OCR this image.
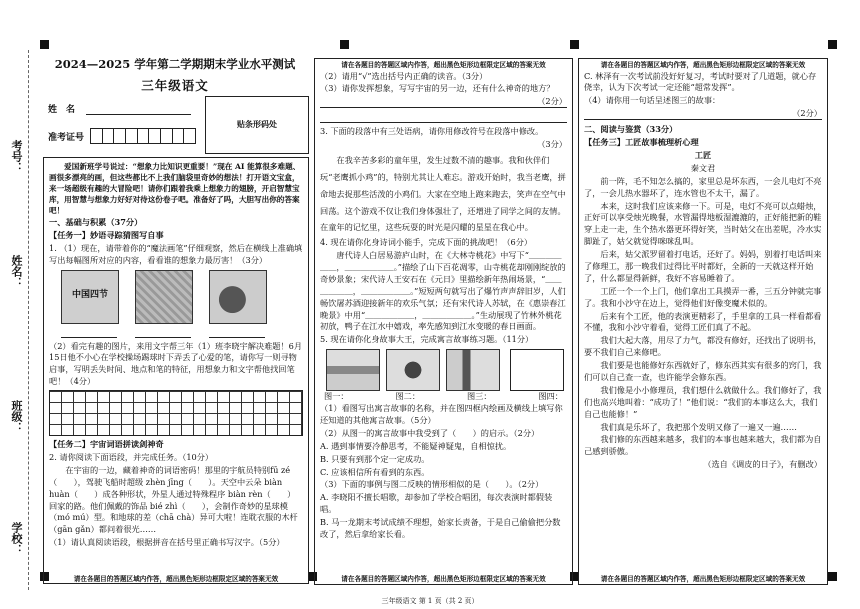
考号：
姓名：
班级：
学校：
2024—2025 学年第二学期期末学业水平测试
三年级语文
姓　名
准考证号
贴条形码处

　　爱国新班学号说过：“想象力比知识更重要！”现在 AI 能算很多难题、画很多漂亮的画，但这些都比不上我们脑袋里奇妙的想法！打开语文宝盒，来一场超级有趣的大冒险吧！请你们跟着我乘上想象力的翅膀，开启智慧宝库，用智慧与想象力好好对待这份卷子吧。准备好了吗，大胆写出你的答案吧！

一、基础与积累（37分）

【任务一】妙语寻踪猜图写自事

1. （1）现在，请带着你的“魔法画笔”仔细观察，然后在横线上准确填写出每幅图所对应的内容，看看谁的想象力最厉害！（3分）

中国四节

（2）看完有趣的图片，来用文字帮三年（1）班李晓宇解决难题！6月15日他不小心在学校操场踢球时下弄丢了心爱的笔，请你写一则寻物启事，写明丢失时间、地点和笔的特征，用想象力和文字帮他找回笔吧！（4分）

【任务二】宇宙词语拼读剑神奇

2. 请你阅读下面语段，并完成任务。（10分）

　　在宇宙的一边，藏着神奇的词语密码！那里的宇航员特别fū zé（　　），驾驶飞船时超级 zhèn jīng（　　）。天空中云朵 biàn huàn（　　）成各种形状，外星人通过特殊程序 biàn rèn（　　）回家的路。他们佩戴的饰品 bié zhì（　　），会制作奇妙的星球模（mó mú）型。和地球的差（chā chà）异可大啦！连耽衣服的木杆（gān gǎn）都问着很光……

（1）请认真阅读语段，根据拼音在括号里正确书写汉字。（5分）

请在各题目的答题区域内作答，超出黑色矩形边框限定区域的答案无效
请在各题目的答题区域内作答，超出黑色矩形边框限定区域的答案无效

（2）请用“√”选出括号内正确的读音。（3分）

（3）请你发挥想象，写写宇宙的另一边，还有什么神奇的地方？

（2分）

3. 下面的段落中有三处语病，请你用修改符号在段落中修改。

（3分）

　　在我辛苦多彩的童年里，发生过数不清的趣事。我和伙伴们玩“老鹰抓小鸡”的，特别尤其让人难忘。游戏开始时，我当老鹰，拼命地去捉那些活泼的小鸡们。大家在空地上跑来跑去，笑声在空气中回荡。这个游戏不仅让我们身体强壮了，还增进了同学之间的友情。在童年的记忆里，这些玩耍的时光是闪耀的星星在我心中。

4. 现在请你化身诗词小能手，完成下面的挑战吧！（6分）

　　唐代诗人白居易游庐山时，在《大林寺桃花》中写下“＿＿＿＿＿＿，＿＿＿＿＿＿。”描绘了山下百花凋零，山寺桃花却刚刚绽放的奇妙景象；宋代诗人王安石在《元日》里描绘新年热闹场景，“＿＿＿＿＿＿，＿＿＿＿＿＿。”短短两句就写出了爆竹声声辞旧岁，人们畅饮屠苏酒迎接新年的欢乐气氛；还有宋代诗人苏轼，在《惠崇春江晚景》中用“＿＿＿＿＿＿，＿＿＿＿＿＿。”生动展现了竹林外桃花初放，鸭子在江水中嬉戏，率先感知到江水变暖的春日画面。

5. 现在请你化身故事大王，完成寓言故事练习题。（11分）

图一：	图二：	图三：	图四：

（1）看图写出寓言故事的名称，并在图四框内绘画及横线上填写你还知道的其他寓言故事。（5分）

（2）从图一的寓言故事中我受到了（　　）的启示。（2分）

A. 遇到事情要冷静思考，不能疑神疑鬼，自相惊扰。

B. 只要有到那个定一定成功。

C. 应该相信所有看到的东西。

（3）下面的事例与图二反映的情形相似的是（　　）。（2分）

A. 李晓阳不擅长唱歌，却参加了学校合唱团，每次表演时都假装唱。

B. 马一龙期末考试成绩不理想，始家长责备，于是自己偷偷把分数改了，然后拿给家长看。

请在各题目的答题区域内作答，超出黑色矩形边框限定区域的答案无效
请在各题目的答题区域内作答，超出黑色矩形边框限定区域的答案无效

C. 林泽有一次考试前没好好复习，考试时要对了几道题，就心存侥幸，认为下次考试一定还能“超常发挥”。

（4）请你用一句话呈述图三的故事：

（2分）

二、阅读与鉴赏（33分）

【任务三】工匠故事梳理析心理

工匠

秦文君

　　前一阵，毛不知怎么搞的，家里总是坏东西，一会儿电灯不亮了，一会儿热水器坏了，连水管也不太干，漏了。

　　本来，这时我们应该来修一下。可是，电灯不亮可以点蜡烛，正好可以享受烛光晚餐，水管漏得地板湿漉漉的，正好能把新的鞋穿上走一走，生个热水器更坏得好笑，当时姑父在出差呢，冷水实脚趾了，姑父就觉得咪咪乱叫。

　　后来，姑父派罗留着打电话，还好了。妈妈，别着打电话叫来了修理工，那一晚我们过得比平时都好，全新的一天就这样开始了，什么都显得新鲜，我好不容易睡着了。

　　工匠一个一个上门，他们拿出工具摸弄一番，三五分钟就完事了。我和小沙守在边上，觉得他们好像变魔术似的。

　　后来有个工匠，他的表演更精彩了，手里拿的工具一样看都看不懂，我和小沙守着看，觉得工匠们真了不起。

　　我们大起大落，用尽了力气，都没有修好，还找出了说明书，要不我们自己来修吧。

　　我们要是也能修好东西就好了，修东西其实有很多的窍门，我们可以自己查一查，也许能学会修东西。

　　我们像是小小修理员，我们想什么就做什么。我们修好了，我们也高兴地叫着：“成功了！”他们说：“我们的本事这么大，我们自己也能修！”

　　我们真是乐坏了，我把那个发明又修了一遍又一遍……

　　我们修的东西越来越多，我们的本事也越来越大，我们都为自己感到骄傲。

（选自《调皮的日子》，有删改）

请在各题目的答题区域内作答，超出黑色矩形边框限定区域的答案无效
三年级语文 第 1 页（共 2 页）
